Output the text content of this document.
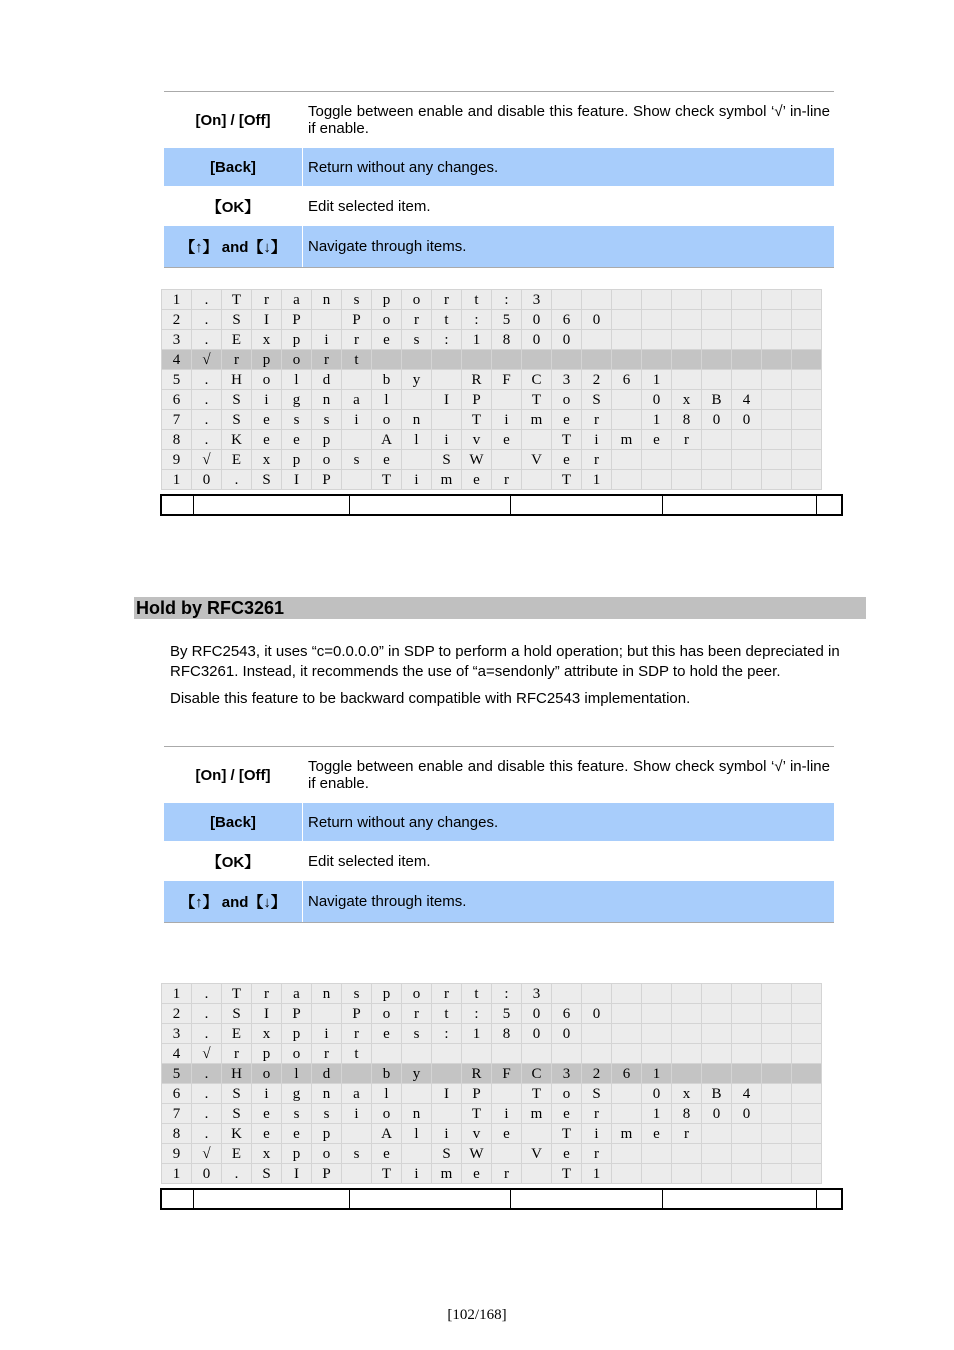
[On] / [Off]	Toggle between enable and disable this feature. Show check symbol ‘√’ in-line if enable.
[Back]	Return without any changes.
【OK】	Edit selected item.
【↑】 and【↓】	Navigate through items.
1	.	T	r	a	n	s	p	o	r	t	:	3									
2	.	S	I	P		P	o	r	t	:	5	0	6	0							
3	.	E	x	p	i	r	e	s	:	1	8	0	0								
4	√	r	p	o	r	t															
5	.	H	o	l	d		b	y		R	F	C	3	2	6	1					
6	.	S	i	g	n	a	l		I	P		T	o	S		0	x	B	4		
7	.	S	e	s	s	i	o	n		T	i	m	e	r		1	8	0	0		
8	.	K	e	e	p		A	l	i	v	e		T	i	m	e	r				
9	√	E	x	p	o	s	e		S	W		V	e	r							
1	0	.	S	I	P		T	i	m	e	r		T	1							
Hold by RFC3261

By RFC2543, it uses “c=0.0.0.0” in SDP to perform a hold operation; but this has been depreciated in RFC3261. Instead, it recommends the use of “a=sendonly” attribute in SDP to hold the peer.

Disable this feature to be backward compatible with RFC2543 implementation.

[On] / [Off]	Toggle between enable and disable this feature. Show check symbol ‘√’ in-line if enable.
[Back]	Return without any changes.
【OK】	Edit selected item.
【↑】 and【↓】	Navigate through items.
1	.	T	r	a	n	s	p	o	r	t	:	3									
2	.	S	I	P		P	o	r	t	:	5	0	6	0							
3	.	E	x	p	i	r	e	s	:	1	8	0	0								
4	√	r	p	o	r	t															
5	.	H	o	l	d		b	y		R	F	C	3	2	6	1					
6	.	S	i	g	n	a	l		I	P		T	o	S		0	x	B	4		
7	.	S	e	s	s	i	o	n		T	i	m	e	r		1	8	0	0		
8	.	K	e	e	p		A	l	i	v	e		T	i	m	e	r				
9	√	E	x	p	o	s	e		S	W		V	e	r							
1	0	.	S	I	P		T	i	m	e	r		T	1							
[102/168]
